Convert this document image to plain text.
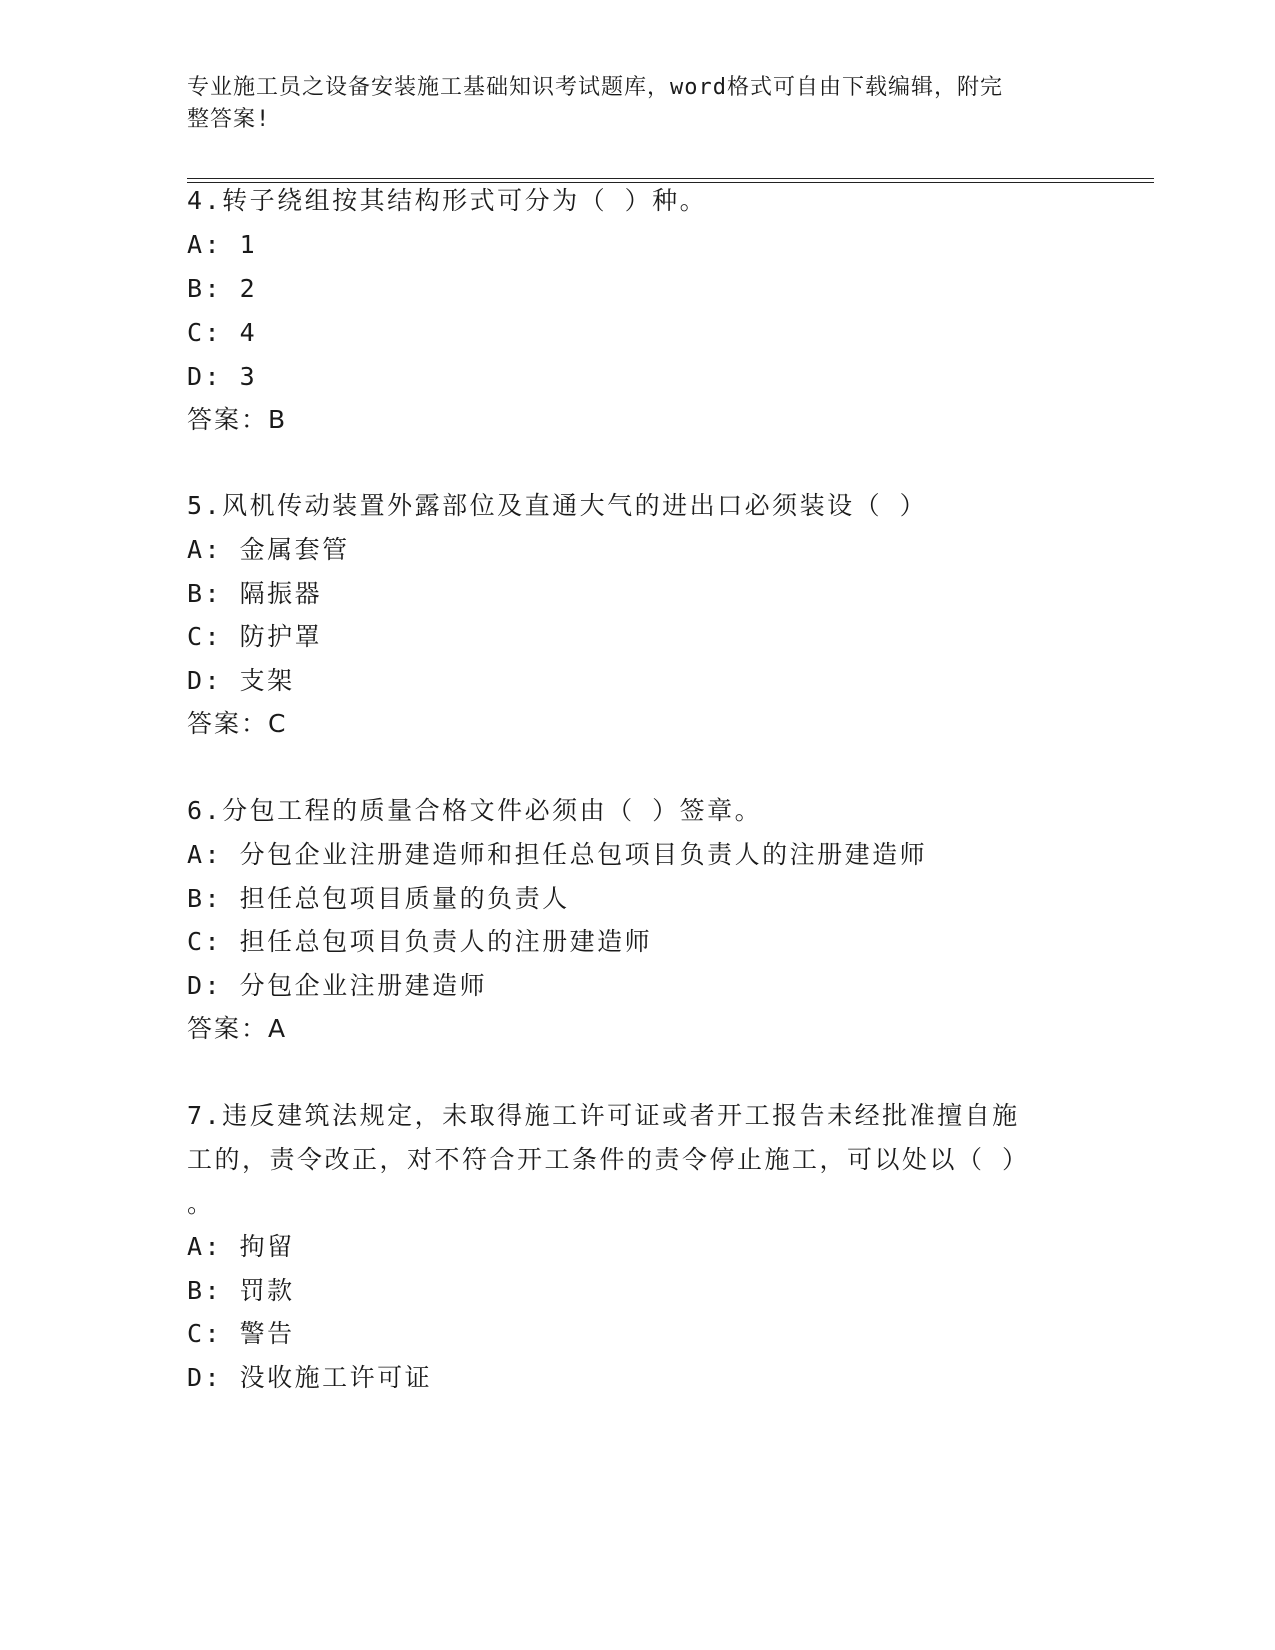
专业施工员之设备安装施工基础知识考试题库，word格式可自由下载编辑，附完
整答案!
4.转子绕组按其结构形式可分为（ ）种。
A: 1
B: 2
C: 4
D: 3
答案：B
5.风机传动装置外露部位及直通大气的进出口必须装设（ ）
A: 金属套管
B: 隔振器
C: 防护罩
D: 支架
答案：C
6.分包工程的质量合格文件必须由（ ）签章。
A: 分包企业注册建造师和担任总包项目负责人的注册建造师
B: 担任总包项目质量的负责人
C: 担任总包项目负责人的注册建造师
D: 分包企业注册建造师
答案：A
7.违反建筑法规定，未取得施工许可证或者开工报告未经批准擅自施
工的，责令改正，对不符合开工条件的责令停止施工，可以处以（ ）
。
A: 拘留
B: 罚款
C: 警告
D: 没收施工许可证
